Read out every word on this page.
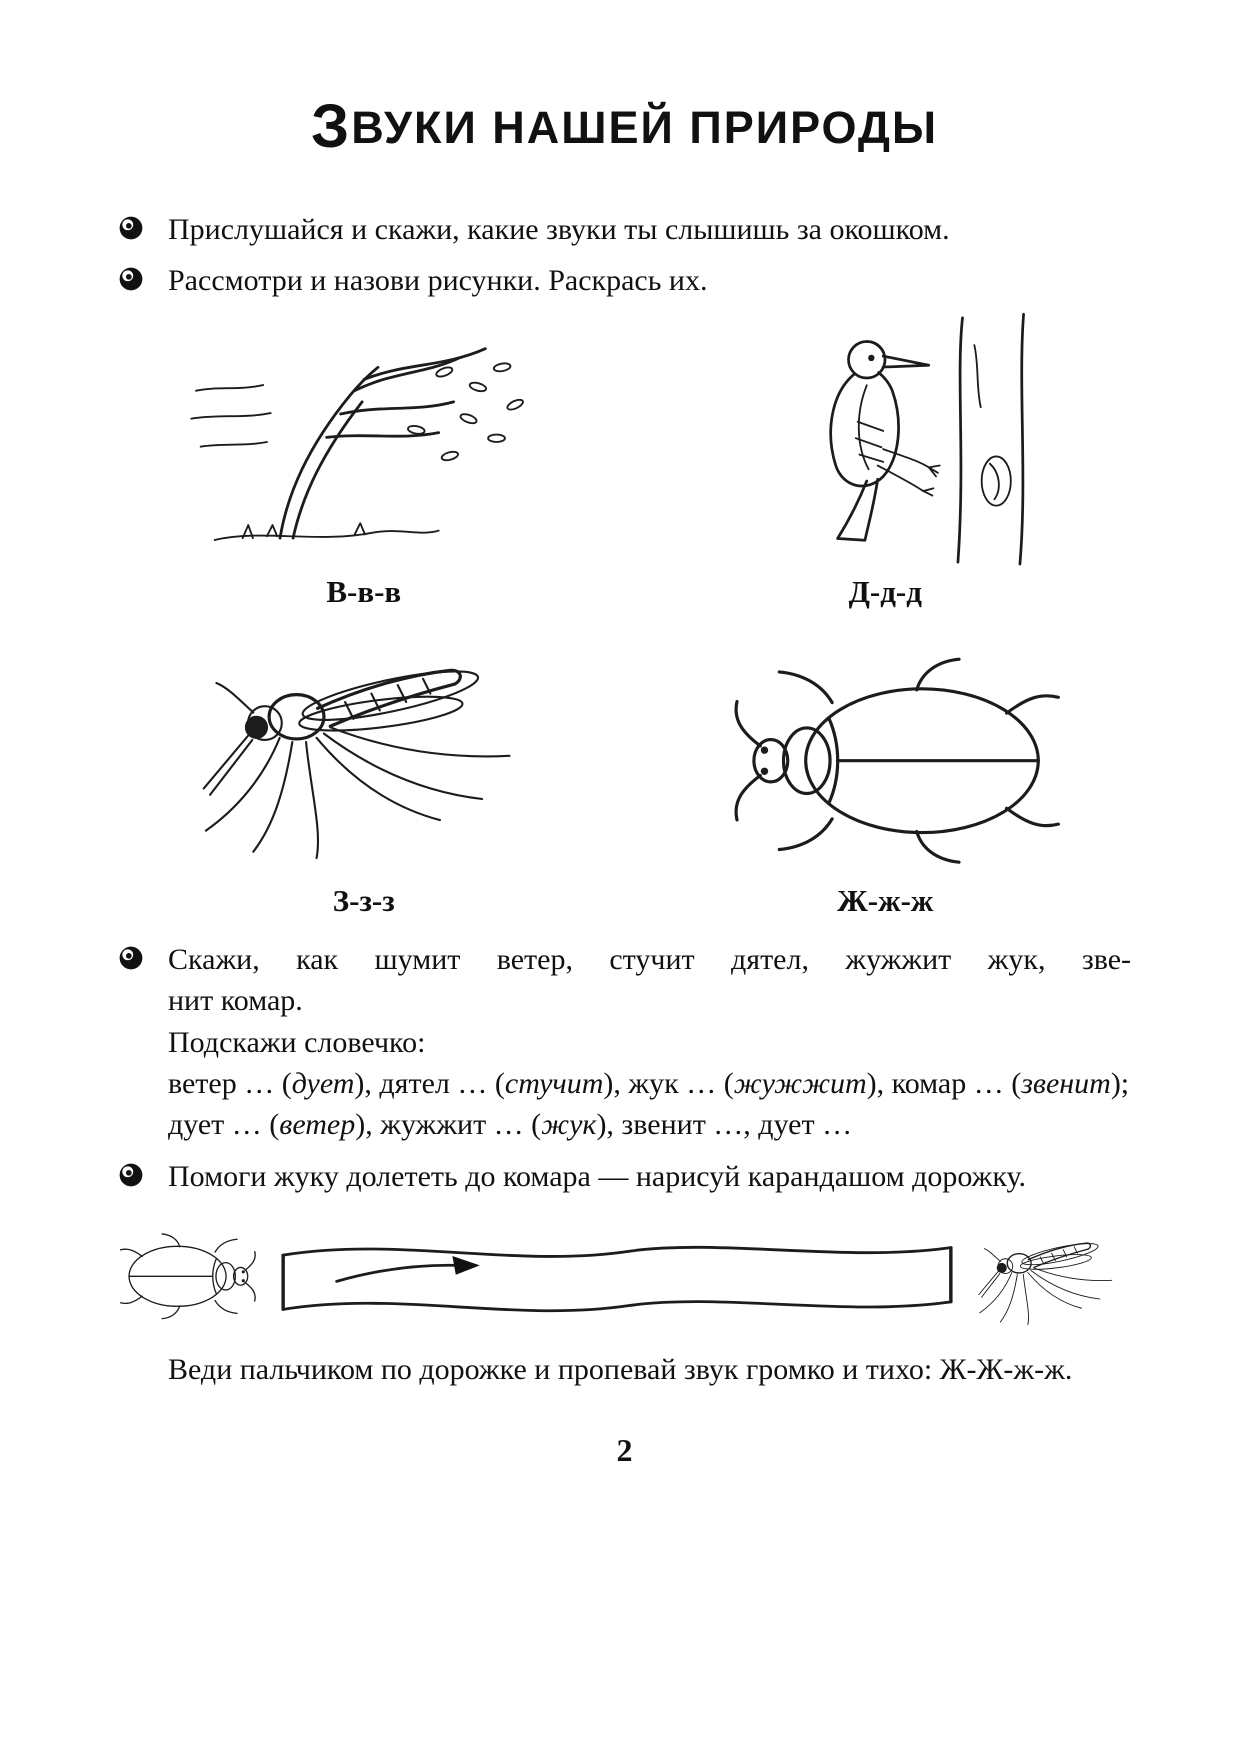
ЗВУКИ НАШЕЙ ПРИРОДЫ
Прислушайся и скажи, какие звуки ты слышишь за окошком.
Рассмотри и назови рисунки. Раскрась их.
В-в-в	Д-д-д
З-з-з	Ж-ж-ж
Скажи, как шумит ветер, стучит дятел, жужжит жук, зве-
нит комар.
Подскажи словечко:
ветер … (дует), дятел … (стучит), жук … (жужжит), комар … (звенит);
дует … (ветер), жужжит … (жук), звенит …, дует …
Помоги жуку долететь до комара — нарисуй карандашом дорожку.
Веди пальчиком по дорожке и пропевай звук громко и тихо: Ж-Ж-ж-ж.
2
